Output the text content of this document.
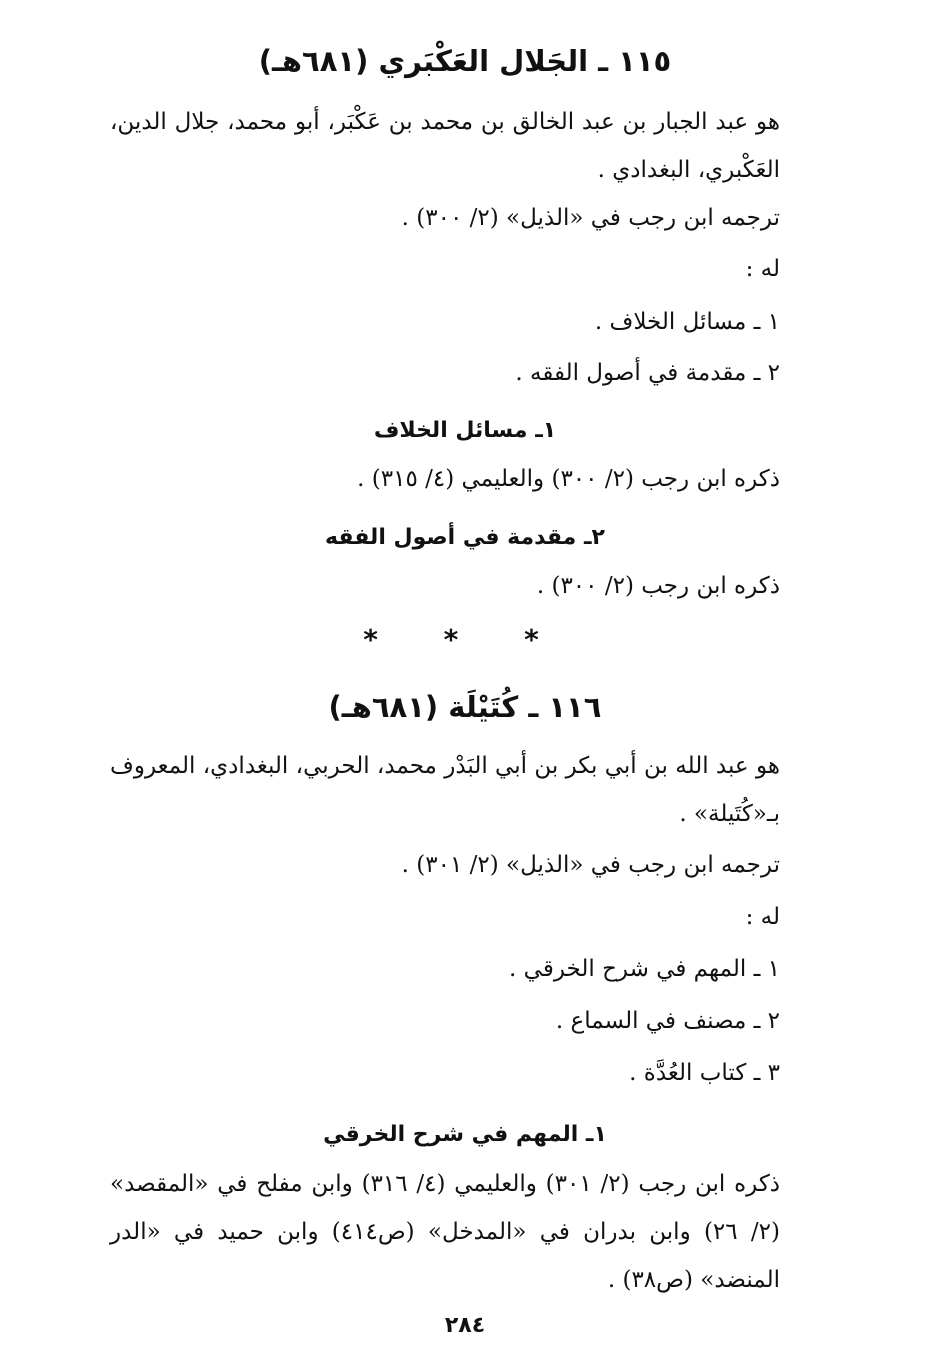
١١٥ ـ الجَلال العَكْبَري (٦٨١هـ)

هو عبد الجبار بن عبد الخالق بن محمد بن عَكْبَر، أبو محمد، جلال الدين، العَكْبري، البغدادي .

ترجمه ابن رجب في «الذيل» (٢/ ٣٠٠) .
له :
١ ـ مسائل الخلاف .
٢ ـ مقدمة في أصول الفقه .
١ـ مسائل الخلاف
ذكره ابن رجب (٢/ ٣٠٠) والعليمي (٤/ ٣١٥) .
٢ـ مقدمة في أصول الفقه
ذكره ابن رجب (٢/ ٣٠٠) .
* * *
١١٦ ـ كُتَيْلَة (٦٨١هـ)

هو عبد الله بن أبي بكر بن أبي البَدْر محمد، الحربي، البغدادي، المعروف بـ«كُتَيلة» .

ترجمه ابن رجب في «الذيل» (٢/ ٣٠١) .
له :
١ ـ المهم في شرح الخرقي .
٢ ـ مصنف في السماع .
٣ ـ كتاب العُدَّة .
١ـ المهم في شرح الخرقي

ذكره ابن رجب (٢/ ٣٠١) والعليمي (٤/ ٣١٦) وابن مفلح في «المقصد» (٢/ ٢٦) وابن بدران في «المدخل» (ص٤١٤) وابن حميد في «الدر المنضد» (ص٣٨) .

٢٨٤
